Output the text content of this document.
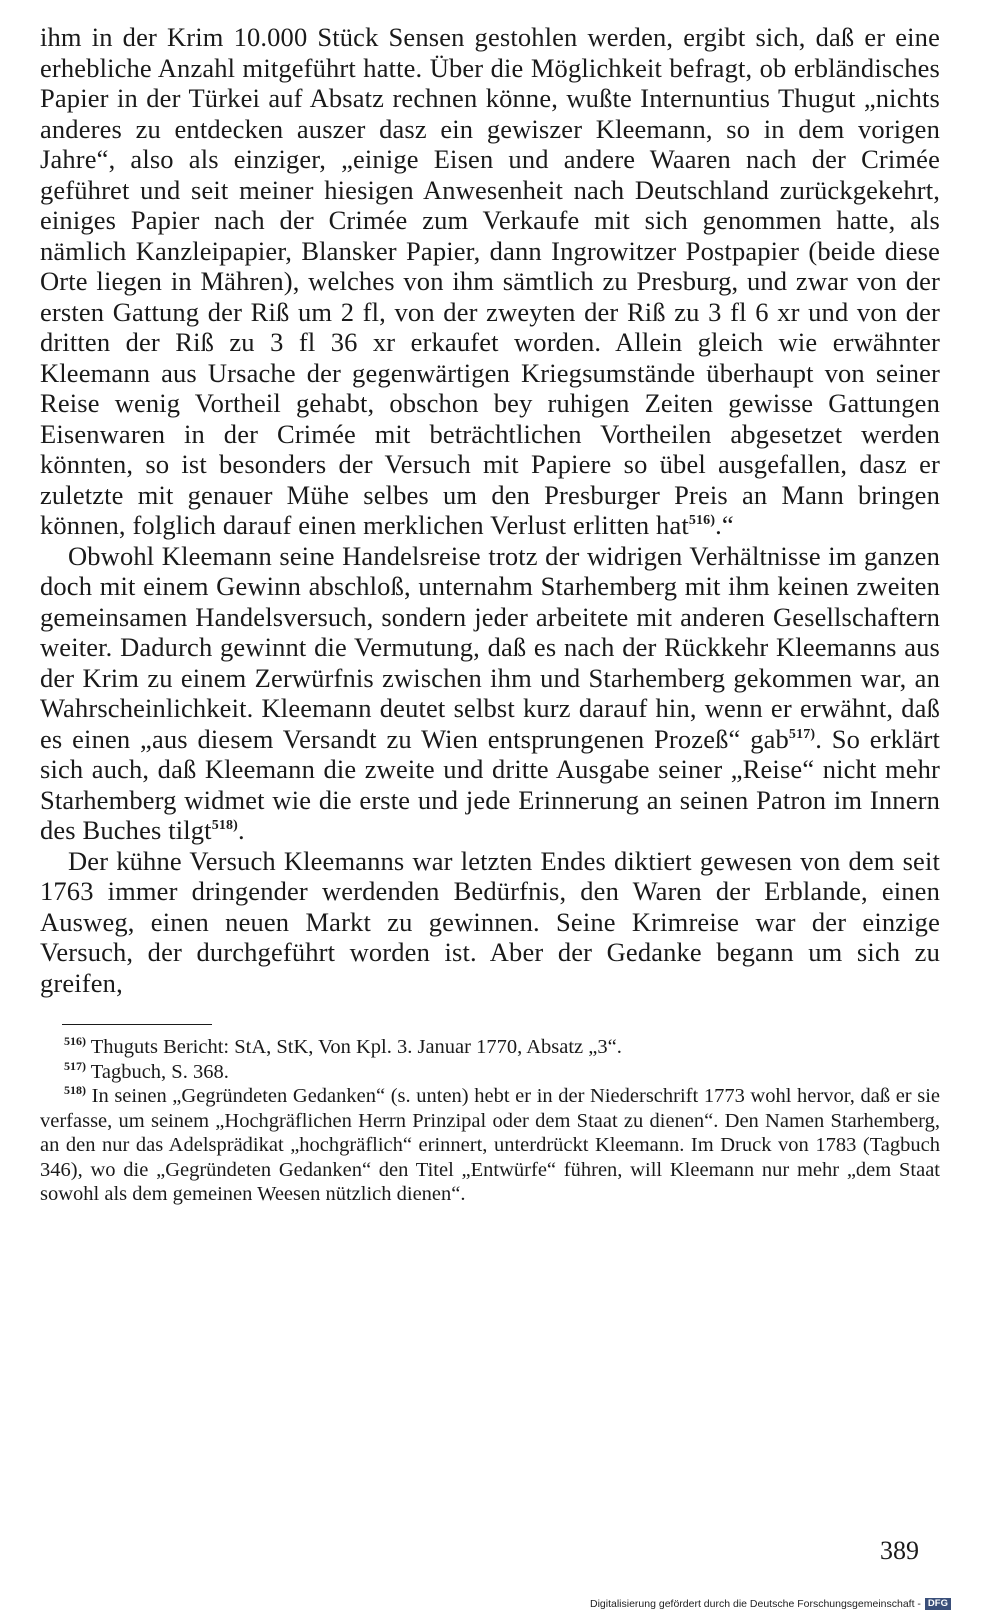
ihm in der Krim 10.000 Stück Sensen gestohlen werden, ergibt sich, daß er eine erhebliche Anzahl mitgeführt hatte. Über die Möglichkeit befragt, ob erbländisches Papier in der Türkei auf Absatz rechnen könne, wußte Internuntius Thugut „nichts anderes zu entdecken auszer dasz ein gewiszer Kleemann, so in dem vorigen Jahre“, also als einziger, „einige Eisen und andere Waaren nach der Crimée geführet und seit meiner hiesigen Anwesenheit nach Deutschland zurückgekehrt, einiges Papier nach der Crimée zum Verkaufe mit sich genommen hatte, als nämlich Kanzleipapier, Blansker Papier, dann Ingrowitzer Postpapier (beide diese Orte liegen in Mähren), welches von ihm sämtlich zu Presburg, und zwar von der ersten Gattung der Riß um 2 fl, von der zweyten der Riß zu 3 fl 6 xr und von der dritten der Riß zu 3 fl 36 xr erkaufet worden. Allein gleich wie erwähnter Kleemann aus Ursache der gegenwärtigen Kriegsumstände überhaupt von seiner Reise wenig Vortheil gehabt, obschon bey ruhigen Zeiten gewisse Gattungen Eisenwaren in der Crimée mit beträchtlichen Vortheilen abgesetzet werden könnten, so ist besonders der Versuch mit Papiere so übel ausgefallen, dasz er zuletzte mit genauer Mühe selbes um den Presburger Preis an Mann bringen können, folglich darauf einen merklichen Verlust erlitten hat$^{516)}$.“

Obwohl Kleemann seine Handelsreise trotz der widrigen Verhältnisse im ganzen doch mit einem Gewinn abschloß, unternahm Starhemberg mit ihm keinen zweiten gemeinsamen Handelsversuch, sondern jeder arbeitete mit anderen Gesellschaftern weiter. Dadurch gewinnt die Vermutung, daß es nach der Rückkehr Kleemanns aus der Krim zu einem Zerwürfnis zwischen ihm und Starhemberg gekommen war, an Wahrscheinlichkeit. Kleemann deutet selbst kurz darauf hin, wenn er erwähnt, daß es einen „aus diesem Versandt zu Wien entsprungenen Prozeß“ gab$^{517)}$. So erklärt sich auch, daß Kleemann die zweite und dritte Ausgabe seiner „Reise“ nicht mehr Starhemberg widmet wie die erste und jede Erinnerung an seinen Patron im Innern des Buches tilgt$^{518)}$.

Der kühne Versuch Kleemanns war letzten Endes diktiert gewesen von dem seit 1763 immer dringender werdenden Bedürfnis, den Waren der Erblande, einen Ausweg, einen neuen Markt zu gewinnen. Seine Krimreise war der einzige Versuch, der durchgeführt worden ist. Aber der Gedanke begann um sich zu greifen,

$^{516)}$ Thuguts Bericht: StA, StK, Von Kpl. 3. Januar 1770, Absatz „3“.

$^{517)}$ Tagbuch, S. 368.

$^{518)}$ In seinen „Gegründeten Gedanken“ (s. unten) hebt er in der Niederschrift 1773 wohl hervor, daß er sie verfasse, um seinem „Hochgräflichen Herrn Prinzipal oder dem Staat zu dienen“. Den Namen Starhemberg, an den nur das Adelsprädikat „hochgräflich“ erinnert, unterdrückt Kleemann. Im Druck von 1783 (Tagbuch 346), wo die „Gegründeten Gedanken“ den Titel „Entwürfe“ führen, will Kleemann nur mehr „dem Staat sowohl als dem gemeinen Weesen nützlich dienen“.

389
Digitalisierung gefördert durch die Deutsche Forschungsgemeinschaft - DFG
